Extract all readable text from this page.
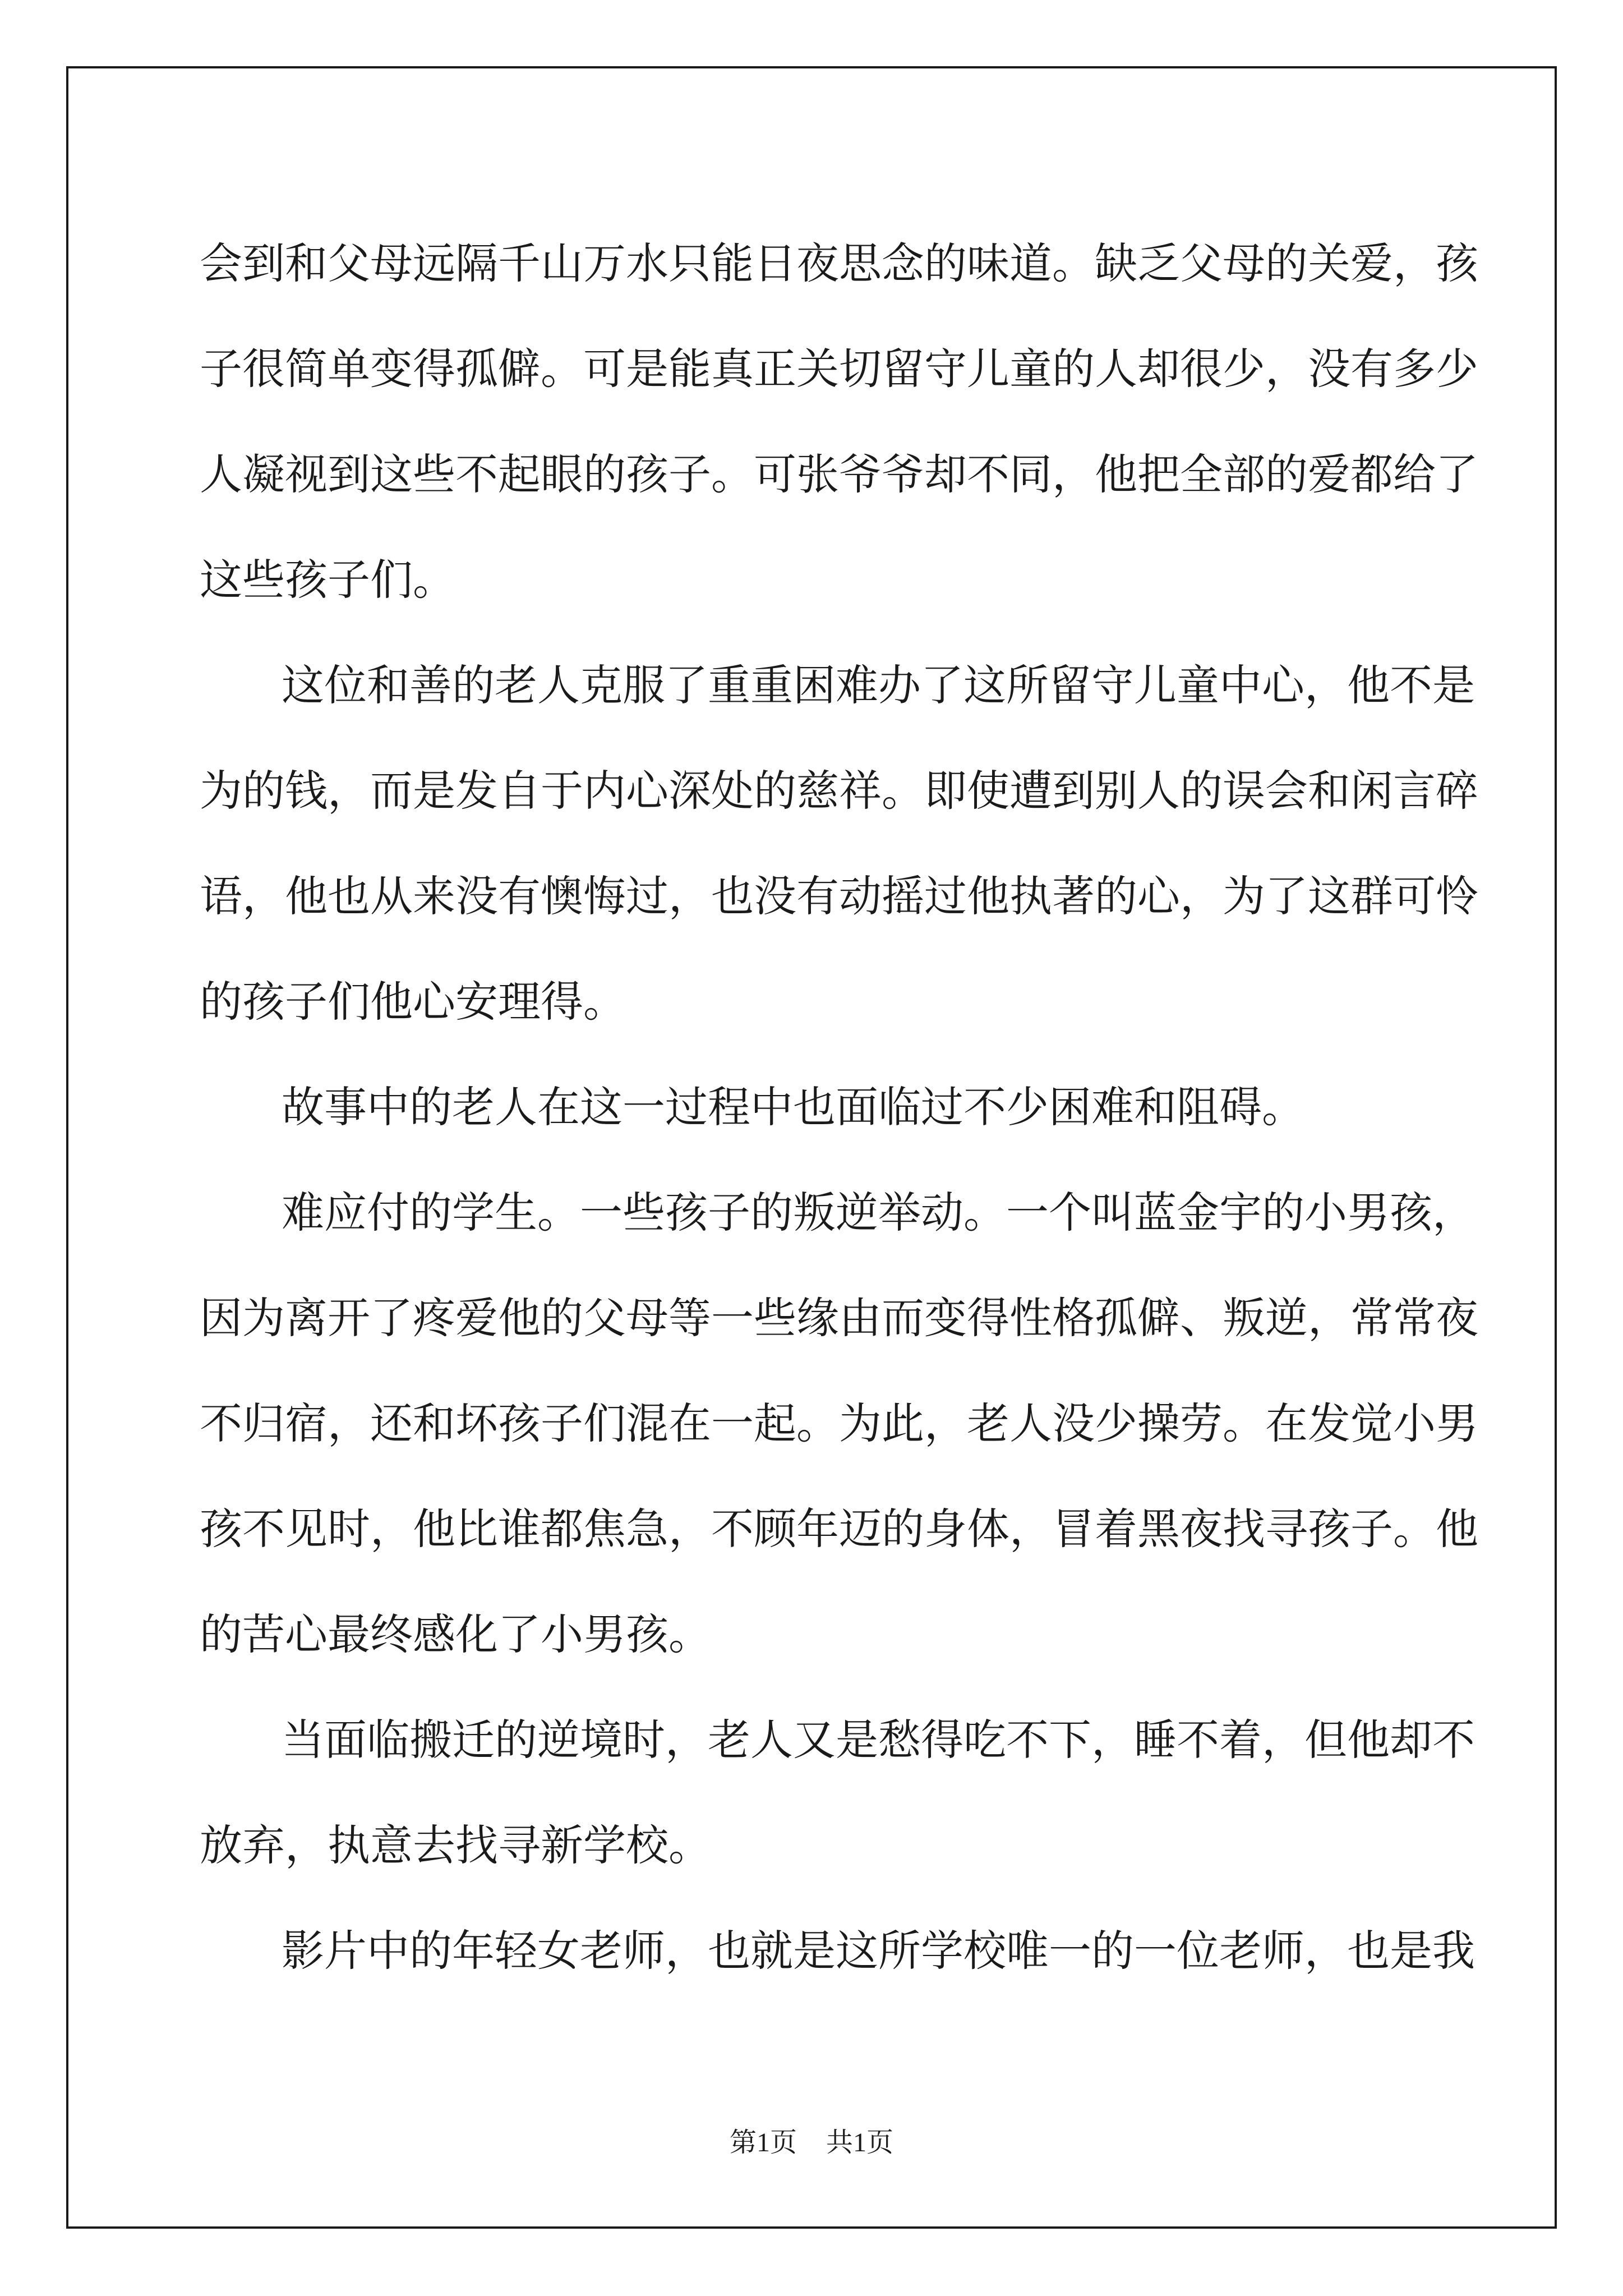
会到和父母远隔千山万水只能日夜思念的味道。缺乏父母的关爱，孩
子很简单变得孤僻。可是能真正关切留守儿童的人却很少，没有多少
人凝视到这些不起眼的孩子。可张爷爷却不同，他把全部的爱都给了
这些孩子们。
这位和善的老人克服了重重困难办了这所留守儿童中心，他不是
为的钱，而是发自于内心深处的慈祥。即使遭到别人的误会和闲言碎
语，他也从来没有懊悔过，也没有动摇过他执著的心，为了这群可怜
的孩子们他心安理得。
故事中的老人在这一过程中也面临过不少困难和阻碍。
难应付的学生。一些孩子的叛逆举动。一个叫蓝金宇的小男孩，
因为离开了疼爱他的父母等一些缘由而变得性格孤僻、叛逆，常常夜
不归宿，还和坏孩子们混在一起。为此，老人没少操劳。在发觉小男
孩不见时，他比谁都焦急，不顾年迈的身体，冒着黑夜找寻孩子。他
的苦心最终感化了小男孩。
当面临搬迁的逆境时，老人又是愁得吃不下，睡不着，但他却不
放弃，执意去找寻新学校。
影片中的年轻女老师，也就是这所学校唯一的一位老师，也是我
第1页 共1页
